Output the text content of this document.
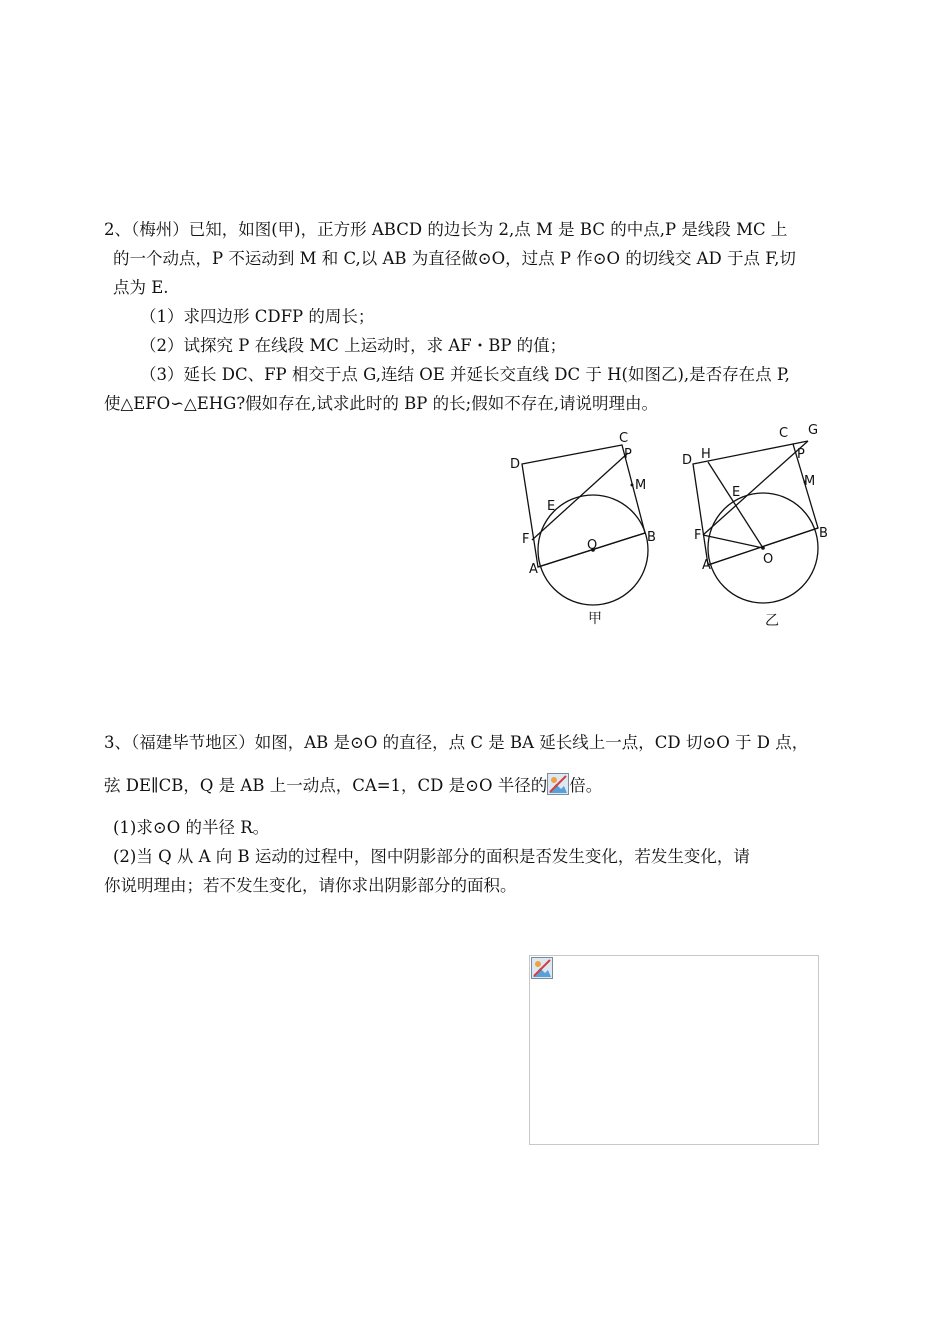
2、（梅州）已知，如图(甲)，正方形 ABCD 的边长为 2,点 M 是 BC 的中点,P 是线段 MC 上
的一个动点，P 不运动到 M 和 C,以 AB 为直径做⊙O，过点 P 作⊙O 的切线交 AD 于点 F,切
点为 E.
（1）求四边形 CDFP 的周长；
（2）试探究 P 在线段 MC 上运动时，求 AF・BP 的值；
（3）延长 DC、FP 相交于点 G,连结 OE 并延长交直线 DC 于 H(如图乙),是否存在点 P,
使△EFO∽△EHG?假如存在,试求此时的 BP 的长;假如不存在,请说明理由。
C
D
P
M
E
F	O
B
A
甲
C G
H
D	P
M
E
F
O
B
A
乙
3、（福建毕节地区）如图，AB 是⊙O 的直径，点 C 是 BA 延长线上一点，CD 切⊙O 于 D 点，
弦 DE∥CB，Q 是 AB 上一动点，CA=1，CD 是⊙O 半径的 倍。
(1)求⊙O 的半径 R。
(2)当 Q 从 A 向 B 运动的过程中，图中阴影部分的面积是否发生变化，若发生变化，请
你说明理由；若不发生变化，请你求出阴影部分的面积。
